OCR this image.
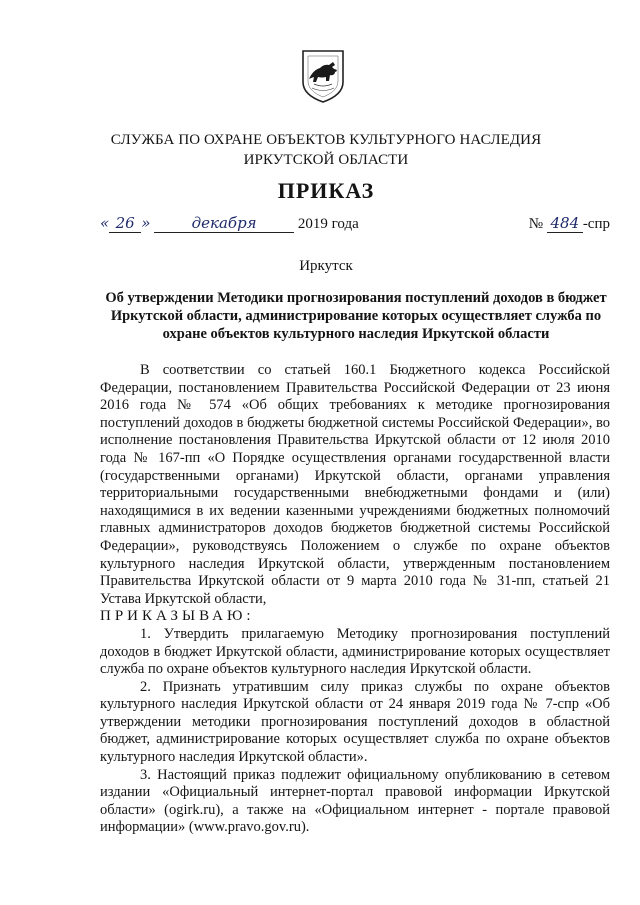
СЛУЖБА ПО ОХРАНЕ ОБЪЕКТОВ КУЛЬТУРНОГО НАСЛЕДИЯ
ИРКУТСКОЙ ОБЛАСТИ
ПРИКАЗ
« 26 »	декабря	2019 года	№ 484 -спр
Иркутск
Об утверждении Методики прогнозирования поступлений доходов в бюджет Иркутской области, администрирование которых осуществляет служба по охране объектов культурного наследия Иркутской области

В соответствии со статьей 160.1 Бюджетного кодекса Российской Федерации, постановлением Правительства Российской Федерации от 23 июня 2016 года № 574 «Об общих требованиях к методике прогнозирования поступлений доходов в бюджеты бюджетной системы Российской Федерации», во исполнение постановления Правительства Иркутской области от 12 июля 2010 года № 167-пп «О Порядке осуществления органами государственной власти (государственными органами) Иркутской области, органами управления территориальными государственными внебюджетными фондами и (или) находящимися в их ведении казенными учреждениями бюджетных полномочий главных администраторов доходов бюджетов бюджетной системы Российской Федерации», руководствуясь Положением о службе по охране объектов культурного наследия Иркутской области, утвержденным постановлением Правительства Иркутской области от 9 марта 2010 года № 31-пп, статьей 21 Устава Иркутской области,

ПРИКАЗЫВАЮ:

1. Утвердить прилагаемую Методику прогнозирования поступлений доходов в бюджет Иркутской области, администрирование которых осуществляет служба по охране объектов культурного наследия Иркутской области.

2. Признать утратившим силу приказ службы по охране объектов культурного наследия Иркутской области от 24 января 2019 года № 7-спр «Об утверждении методики прогнозирования поступлений доходов в областной бюджет, администрирование которых осуществляет служба по охране объектов культурного наследия Иркутской области».

3. Настоящий приказ подлежит официальному опубликованию в сетевом издании «Официальный интернет-портал правовой информации Иркутской области» (ogirk.ru), а также на «Официальном интернет - портале правовой информации» (www.pravo.gov.ru).
